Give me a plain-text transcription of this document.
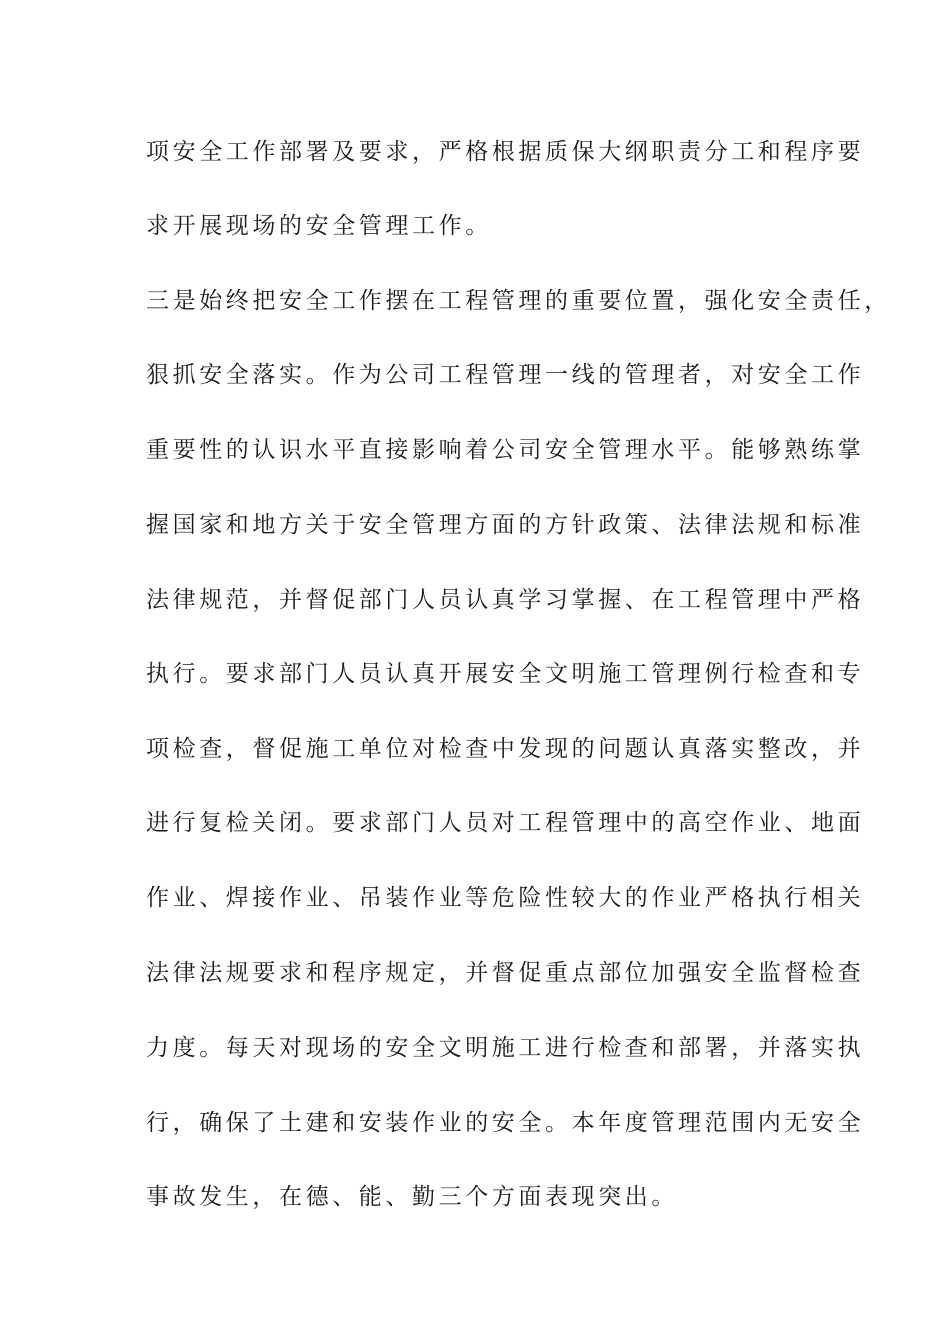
项安全工作部署及要求，严格根据质保大纲职责分工和程序要
求开展现场的安全管理工作。
三是始终把安全工作摆在工程管理的重要位置，强化安全责任，
狠抓安全落实。作为公司工程管理一线的管理者，对安全工作
重要性的认识水平直接影响着公司安全管理水平。能够熟练掌
握国家和地方关于安全管理方面的方针政策、法律法规和标准
法律规范，并督促部门人员认真学习掌握、在工程管理中严格
执行。要求部门人员认真开展安全文明施工管理例行检查和专
项检查，督促施工单位对检查中发现的问题认真落实整改，并
进行复检关闭。要求部门人员对工程管理中的高空作业、地面
作业、焊接作业、吊装作业等危险性较大的作业严格执行相关
法律法规要求和程序规定，并督促重点部位加强安全监督检查
力度。每天对现场的安全文明施工进行检查和部署，并落实执
行，确保了土建和安装作业的安全。本年度管理范围内无安全
事故发生，在德、能、勤三个方面表现突出。
